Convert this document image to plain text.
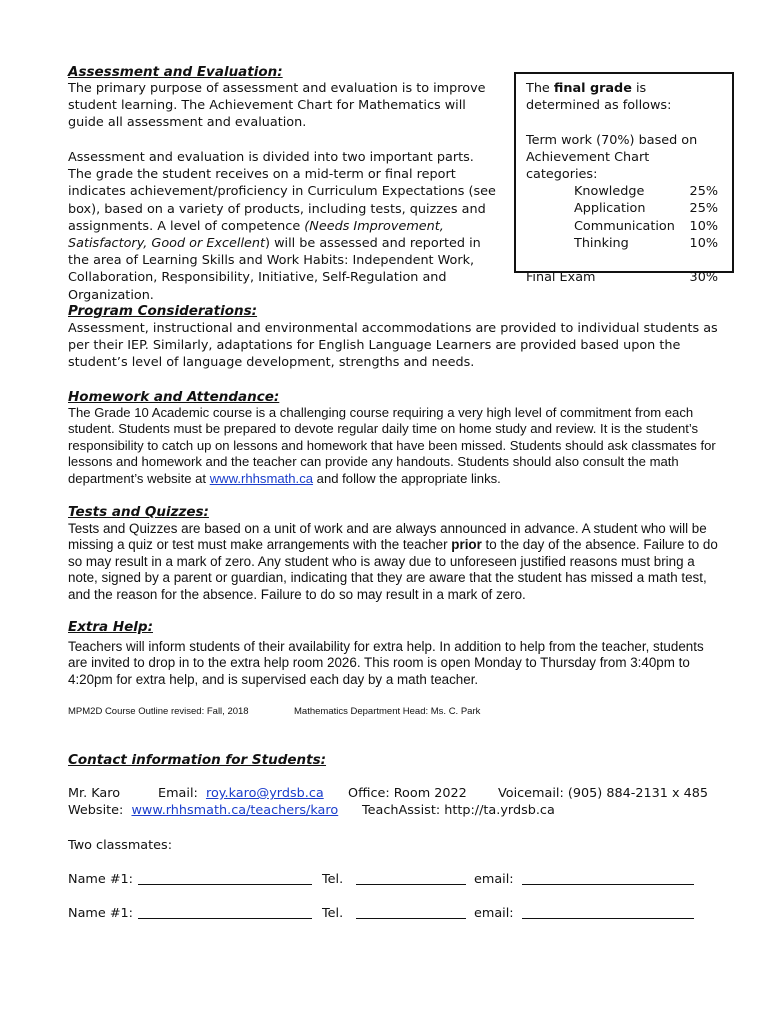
Assessment and Evaluation:
The primary purpose of assessment and evaluation is to improve student learning. The Achievement Chart for Mathematics will guide all assessment and evaluation.
Assessment and evaluation is divided into two important parts. The grade the student receives on a mid-term or final report indicates achievement/proficiency in Curriculum Expectations (see box), based on a variety of products, including tests, quizzes and assignments. A level of competence (Needs Improvement, Satisfactory, Good or Excellent) will be assessed and reported in the area of Learning Skills and Work Habits: Independent Work, Collaboration, Responsibility, Initiative, Self-Regulation and Organization.
The final grade is determined as follows:
Term work (70%) based on Achievement Chart categories:
Knowledge	25%
Application	25%
Communication 10%
Thinking	10%
Final Exam	30%
Program Considerations:
Assessment, instructional and environmental accommodations are provided to individual students as per their IEP. Similarly, adaptations for English Language Learners are provided based upon the student’s level of language development, strengths and needs.
Homework and Attendance:
The Grade 10 Academic course is a challenging course requiring a very high level of commitment from each student. Students must be prepared to devote regular daily time on home study and review. It is the student’s responsibility to catch up on lessons and homework that have been missed. Students should ask classmates for lessons and homework and the teacher can provide any handouts. Students should also consult the math department’s website at www.rhhsmath.ca and follow the appropriate links.
Tests and Quizzes:
Tests and Quizzes are based on a unit of work and are always announced in advance. A student who will be missing a quiz or test must make arrangements with the teacher prior to the day of the absence. Failure to do so may result in a mark of zero. Any student who is away due to unforeseen justified reasons must bring a note, signed by a parent or guardian, indicating that they are aware that the student has missed a math test, and the reason for the absence. Failure to do so may result in a mark of zero.
Extra Help:
Teachers will inform students of their availability for extra help. In addition to help from the teacher, students are invited to drop in to the extra help room 2026. This room is open Monday to Thursday from 3:40pm to 4:20pm for extra help, and is supervised each day by a math teacher.
MPM2D Course Outline revised: Fall, 2018	Mathematics Department Head: Ms. C. Park
Contact information for Students:
Mr. Karo	Email: roy.karo@yrdsb.ca Office: Room 2022 Voicemail: (905) 884-2131 x 485
Website: www.rhhsmath.ca/teachers/karo TeachAssist: http://ta.yrdsb.ca
Two classmates:
Name #1:	Tel.	email:
Name #1:	Tel.	email:
